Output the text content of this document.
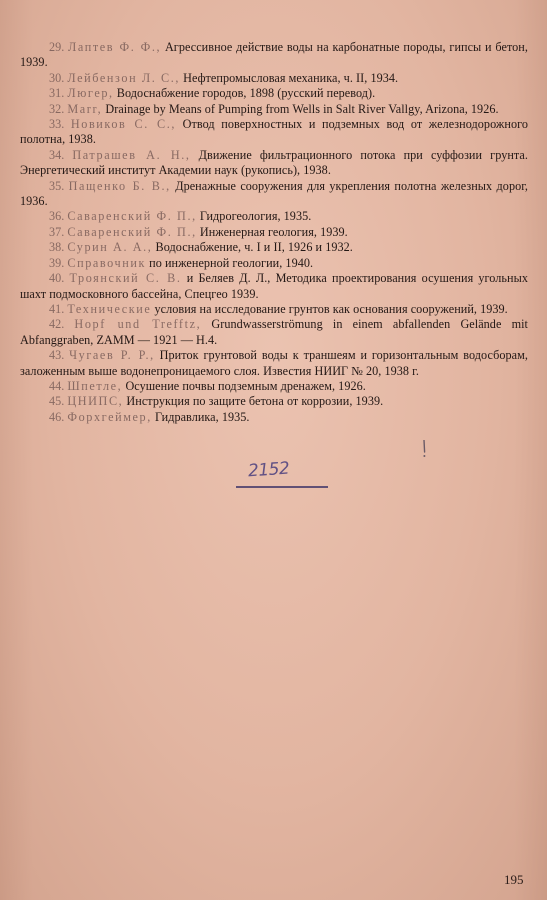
29. Лаптев Ф. Ф., Агрессивное действие воды на карбонатные породы, гипсы и бетон, 1939.
30. Лейбензон Л. С., Нефтепромысловая механика, ч. II, 1934.
31. Люгер, Водоснабжение городов, 1898 (русский перевод).
32. Marr, Drainage by Means of Pumping from Wells in Salt River Vallgy, Arizona, 1926.
33. Новиков С. С., Отвод поверхностных и подземных вод от железнодорожного полотна, 1938.
34. Патрашев А. Н., Движение фильтрационного потока при суффозии грунта. Энергетический институт Академии наук (рукопись), 1938.
35. Пащенко Б. В., Дренажные сооружения для укрепления полотна железных дорог, 1936.
36. Саваренский Ф. П., Гидрогеология, 1935.
37. Саваренский Ф. П., Инженерная геология, 1939.
38. Сурин А. А., Водоснабжение, ч. I и II, 1926 и 1932.
39. Справочник по инженерной геологии, 1940.
40. Троянский С. В. и Беляев Д. Л., Методика проектирования осушения угольных шахт подмосковного бассейна, Спецгео 1939.
41. Технические условия на исследование грунтов как основания сооружений, 1939.
42. Hopf und Trefftz, Grundwasserströmung in einem abfallenden Gelände mit Abfanggraben, ZAMM — 1921 — H.4.
43. Чугаев Р. Р., Приток грунтовой воды к траншеям и горизонтальным водосборам, заложенным выше водонепроницаемого слоя. Известия НИИГ № 20, 1938 г.
44. Шпетле, Осушение почвы подземным дренажем, 1926.
45. ЦНИПС, Инструкция по защите бетона от коррозии, 1939.
46. Форхгеймер, Гидравлика, 1935.
2152
195
